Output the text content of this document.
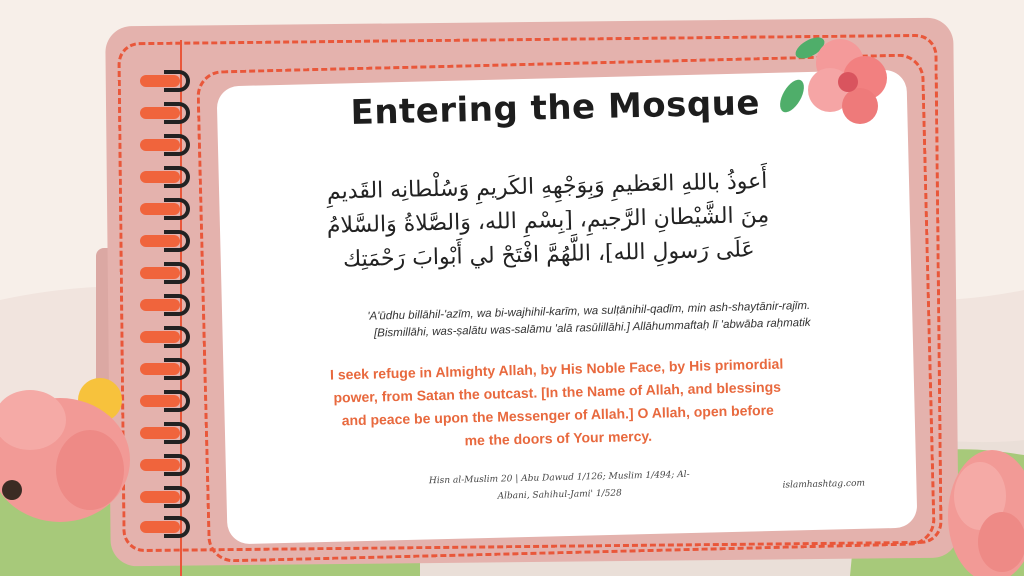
Entering the Mosque
أَعوذُ باللهِ العَظيمِ وَبِوَجْهِهِ الكَريمِ وَسُلْطانِه القَديمِ
مِنَ الشَّيْطانِ الرَّجيمِ، [بِسْمِ الله، وَالصَّلاةُ وَالسَّلامُ
عَلَى رَسولِ الله]، اللَّهُمَّ افْتَحْ لي أَبْوابَ رَحْمَتِك
'A'ūdhu billāhil-'azīm, wa bi-wajhihil-karīm, wa sulṭānihil-qadīm, min ash-shaytānir-rajīm.
[Bismillāhi, was-ṣalātu was-salāmu 'alā rasūlillāhi.] Allāhummaftaḥ lī 'abwāba raḥmatik
I seek refuge in Almighty Allah, by His Noble Face, by His primordial
power, from Satan the outcast. [In the Name of Allah, and blessings
and peace be upon the Messenger of Allah.] O Allah, open before
me the doors of Your mercy.
Hisn al-Muslim 20 | Abu Dawud 1/126; Muslim 1/494; Al-
Albani, Sahihul-Jami' 1/528
islamhashtag.com
